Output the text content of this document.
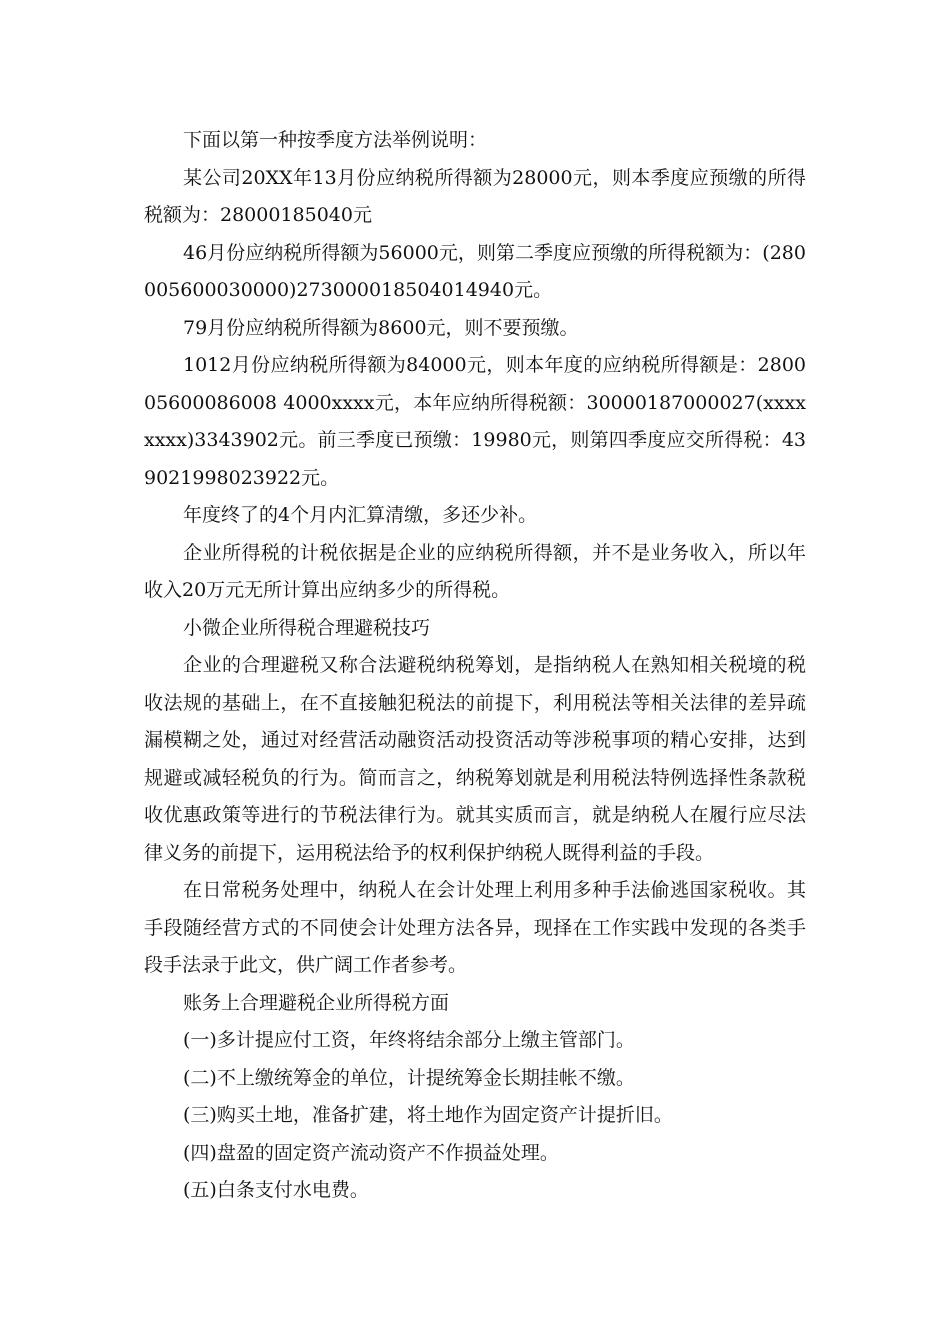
下面以第一种按季度方法举例说明：

某公司20XX年13月份应纳税所得额为28000元，则本季度应预缴的所得税额为：28000185040元

46月份应纳税所得额为56000元，则第二季度应预缴的所得税额为：(280005600030000)273000018504014940元。

79月份应纳税所得额为8600元，则不要预缴。

1012月份应纳税所得额为84000元，则本年度的应纳税所得额是：280005600086008 4000xxxx元，本年应纳所得税额：30000187000027(xxxxxxxx)3343902元。前三季度已预缴：19980元，则第四季度应交所得税：439021998023922元。

年度终了的4个月内汇算清缴，多还少补。

企业所得税的计税依据是企业的应纳税所得额，并不是业务收入，所以年收入20万元无所计算出应纳多少的所得税。

小微企业所得税合理避税技巧

企业的合理避税又称合法避税纳税筹划，是指纳税人在熟知相关税境的税收法规的基础上，在不直接触犯税法的前提下，利用税法等相关法律的差异疏漏模糊之处，通过对经营活动融资活动投资活动等涉税事项的精心安排，达到规避或减轻税负的行为。简而言之，纳税筹划就是利用税法特例选择性条款税收优惠政策等进行的节税法律行为。就其实质而言，就是纳税人在履行应尽法律义务的前提下，运用税法给予的权利保护纳税人既得利益的手段。

在日常税务处理中，纳税人在会计处理上利用多种手法偷逃国家税收。其手段随经营方式的不同使会计处理方法各异，现择在工作实践中发现的各类手段手法录于此文，供广阔工作者参考。

账务上合理避税企业所得税方面

(一)多计提应付工资，年终将结余部分上缴主管部门。

(二)不上缴统筹金的单位，计提统筹金长期挂帐不缴。

(三)购买土地，准备扩建，将土地作为固定资产计提折旧。

(四)盘盈的固定资产流动资产不作损益处理。

(五)白条支付水电费。
